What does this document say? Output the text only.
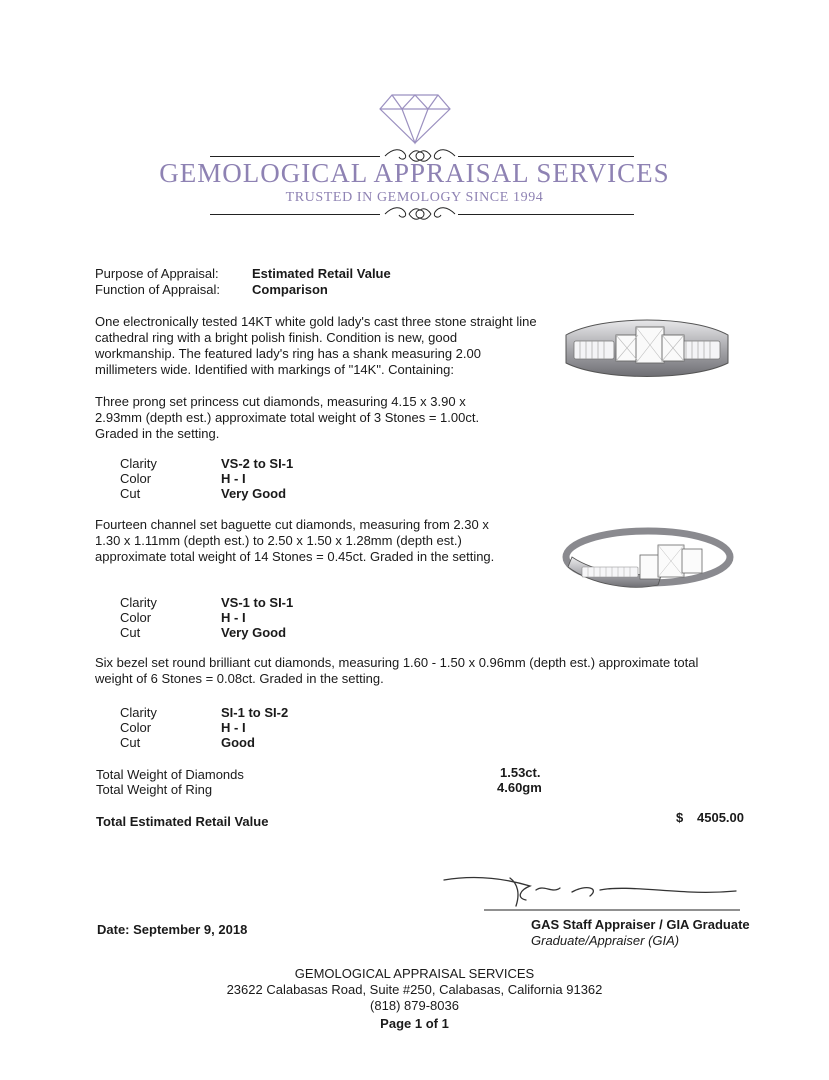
GEMOLOGICAL APPRAISAL SERVICES
TRUSTED IN GEMOLOGY SINCE 1994
Purpose of Appraisal:	Estimated Retail Value
Function of Appraisal: Comparison
One electronically tested 14KT white gold lady's cast three stone straight line cathedral ring with a bright polish finish. Condition is new, good workmanship. The featured lady's ring has a shank measuring 2.00 millimeters wide. Identified with markings of "14K". Containing:
Three prong set princess cut diamonds, measuring 4.15 x 3.90 x 2.93mm (depth est.) approximate total weight of 3 Stones = 1.00ct. Graded in the setting.
Clarity	VS-2 to SI-1
Color	H - I
Cut	Very Good
Fourteen channel set baguette cut diamonds, measuring from 2.30 x 1.30 x 1.11mm (depth est.) to 2.50 x 1.50 x 1.28mm (depth est.) approximate total weight of 14 Stones = 0.45ct. Graded in the setting.
Clarity	VS-1 to SI-1
Color	H - I
Cut	Very Good
Six bezel set round brilliant cut diamonds, measuring 1.60 - 1.50 x 0.96mm (depth est.) approximate total weight of 6 Stones = 0.08ct. Graded in the setting.
Clarity	SI-1 to SI-2
Color	H - I
Cut	Good
Total Weight of Diamonds	1.53ct.
Total Weight of Ring	4.60gm
Total Estimated Retail Value	$ 4505.00
Date: September 9, 2018	GAS Staff Appraiser / GIA Graduate
Graduate/Appraiser (GIA)
GEMOLOGICAL APPRAISAL SERVICES
23622 Calabasas Road, Suite #250, Calabasas, California 91362
(818) 879-8036
Page 1 of 1
